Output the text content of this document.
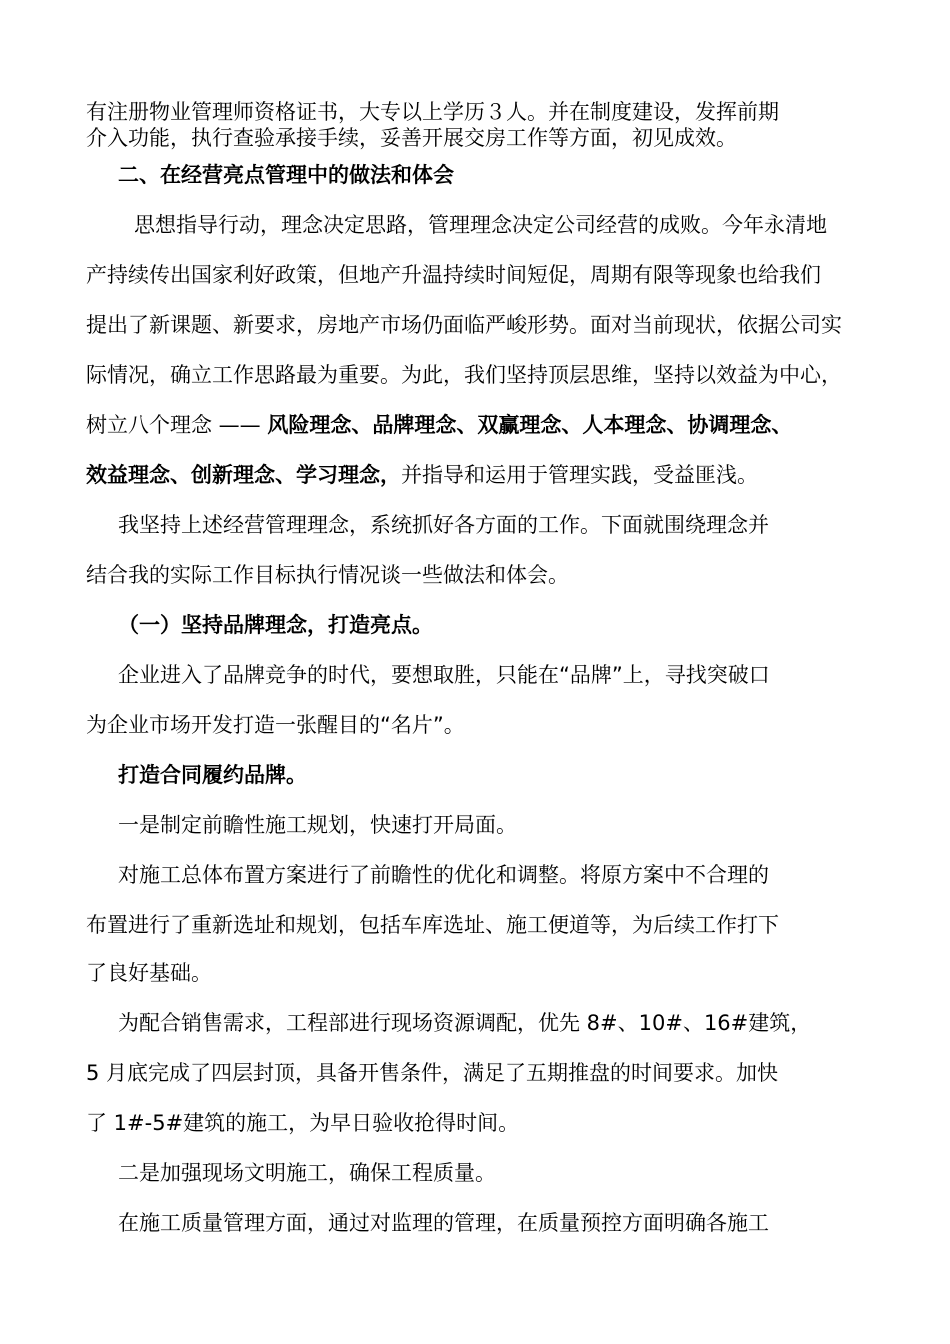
有注册物业管理师资格证书，大专以上学历３人。并在制度建设，发挥前期
介入功能，执行查验承接手续，妥善开展交房工作等方面，初见成效。
二、在经营亮点管理中的做法和体会
思想指导行动，理念决定思路，管理理念决定公司经营的成败。今年永清地
产持续传出国家利好政策，但地产升温持续时间短促，周期有限等现象也给我们
提出了新课题、新要求，房地产市场仍面临严峻形势。面对当前现状，依据公司实
际情况，确立工作思路最为重要。为此，我们坚持顶层思维，坚持以效益为中心，
树立八个理念 —— 风险理念、品牌理念、双赢理念、人本理念、协调理念、
效益理念、创新理念、学习理念，并指导和运用于管理实践，受益匪浅。
我坚持上述经营管理理念，系统抓好各方面的工作。下面就围绕理念并
结合我的实际工作目标执行情况谈一些做法和体会。
（一）坚持品牌理念，打造亮点。
企业进入了品牌竞争的时代，要想取胜，只能在“品牌”上，寻找突破口
为企业市场开发打造一张醒目的“名片”。
打造合同履约品牌。
一是制定前瞻性施工规划，快速打开局面。
对施工总体布置方案进行了前瞻性的优化和调整。将原方案中不合理的
布置进行了重新选址和规划，包括车库选址、施工便道等，为后续工作打下
了良好基础。
为配合销售需求，工程部进行现场资源调配，优先 8#、10#、16#建筑，
5 月底完成了四层封顶，具备开售条件，满足了五期推盘的时间要求。加快
了 1#-5#建筑的施工，为早日验收抢得时间。
二是加强现场文明施工，确保工程质量。
在施工质量管理方面，通过对监理的管理，在质量预控方面明确各施工
